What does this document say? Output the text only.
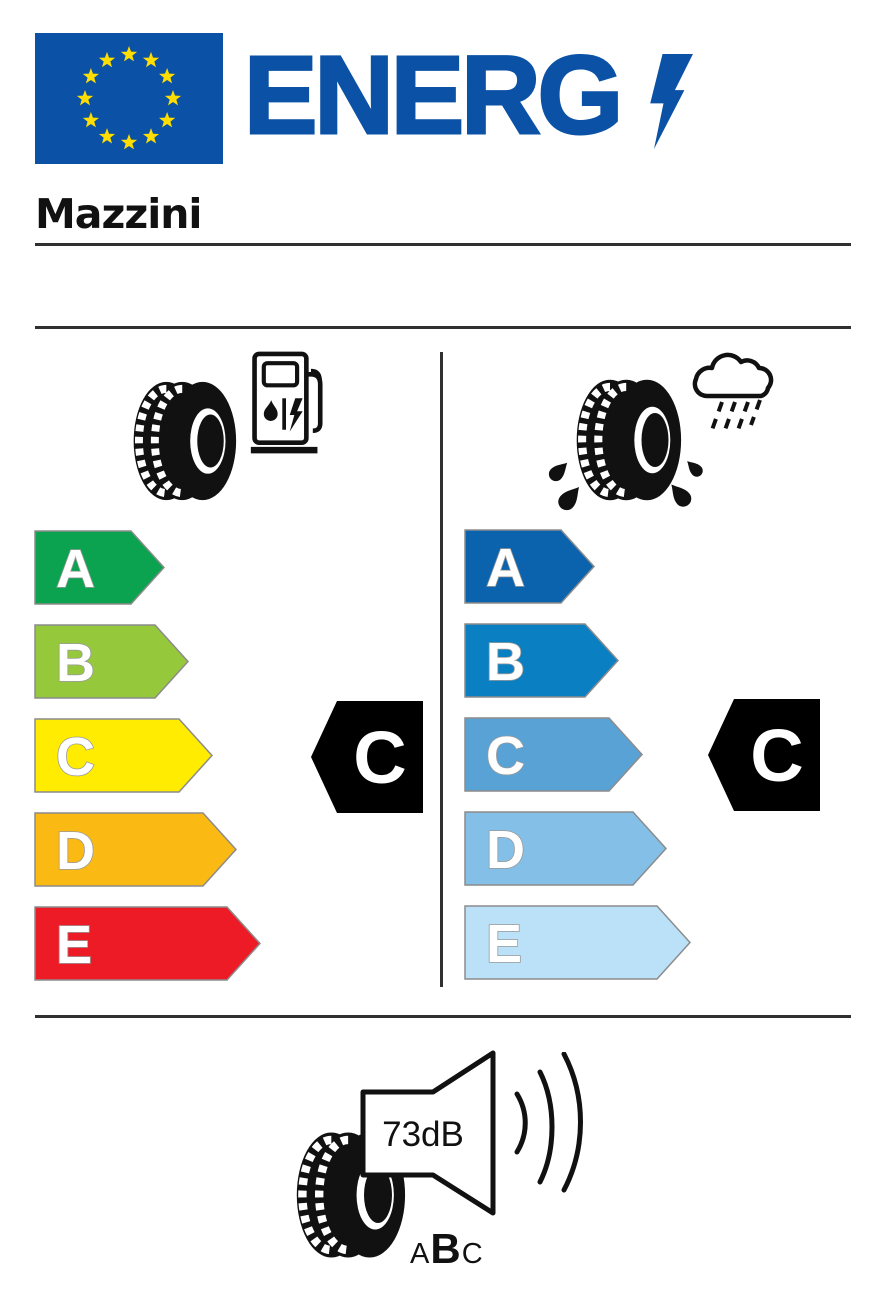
ENERG
Mazzini
A
B
C
D
E
C
A
B
C
D
E
C
73dB
A B C
